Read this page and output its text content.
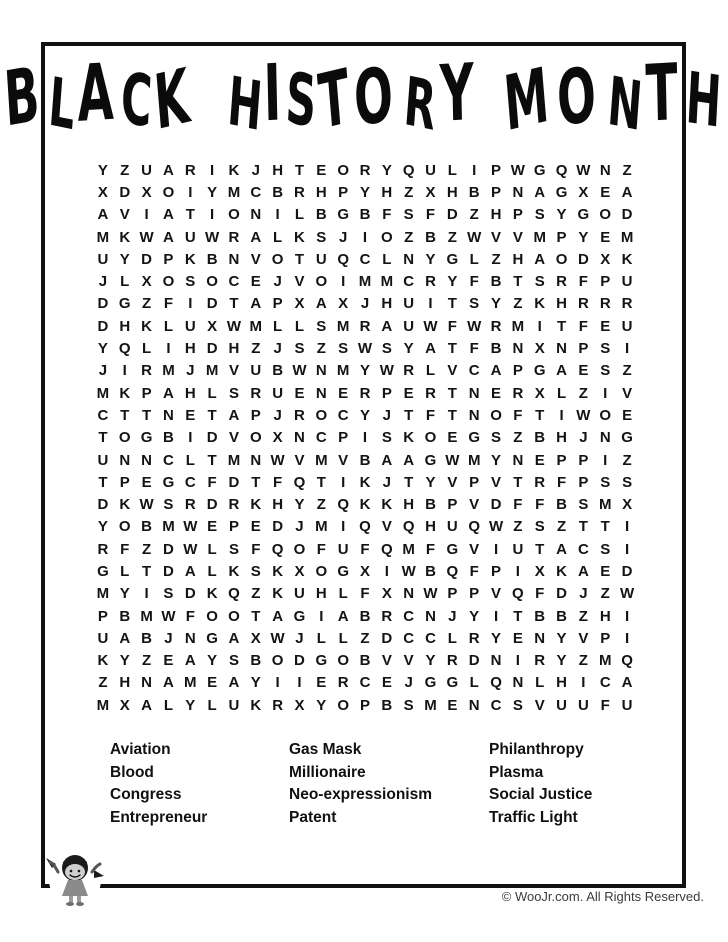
BLACK HISTORY MO NTH
Y Z U A R I K J H T E O R Y Q U L	I P W G Q W N Z
X D X O I Y M C B R H P Y H Z X H B P N A G X E A
A V I A T	I O N I	L B G B F S F D Z H P S Y G O D
M K W A U W R A L K S J	I O Z B Z W V V M P Y E M
U Y D P K B N V O T U Q C L N Y G L Z H A O D X K
J L X O S O C E J V O I M M C R Y F B T S R F P U
D G Z F	I D T A P X A X J H U I	T S Y Z K H R R R
D H K L U X W M L L S M R A U W F W R M I	T F E U
Y Q L	I H D H Z J S Z S W S Y A T F B N X N P S I
J	I R M J M V U B W N M Y W R L V C A P G A E S Z
M K P A H L S R U E N E R P E R T N E R X L Z	I V
C T T N E T A P J R O C Y J T F T N O F T	I W O E
T O G B I D V O X N C P I S K O E G S Z B H J N G
U N N C L T M N W V M V B A A G W M Y N E P P I	Z
T P E G C F D T F Q T	I K J T Y V P V T R F P S S
D K W S R D R K H Y Z Q K K H B P V D F F B S M X
Y O B M W E P E D J M I Q V Q H U Q W Z S Z T T	I
R F Z D W L S F Q O F U F Q M F G V I U T A C S I
G L T D A L K S K X O G X I W B Q F P I X K A E D
M Y I S D K Q Z K U H L F X N W P P V Q F D J Z W
P B M W F O O T A G I A B R C N J Y I	T B B Z H I
U A B J N G A X W J L L Z D C C L R Y E N Y V P I
K Y Z E A Y S B O D G O B V V Y R D N I R Y Z M Q
Z H N A M E A Y I	I E R C E J G G L Q N L H I C A
M X A L Y L U K R X Y O P B S M E N C S V U U F U
Aviation
Blood
Congress
Entrepreneur
Gas Mask
Millionaire
Neo-expressionism
Patent
Philanthropy
Plasma
Social Justice
Traffic Light
© WooJr.com. All Rights Reserved.
